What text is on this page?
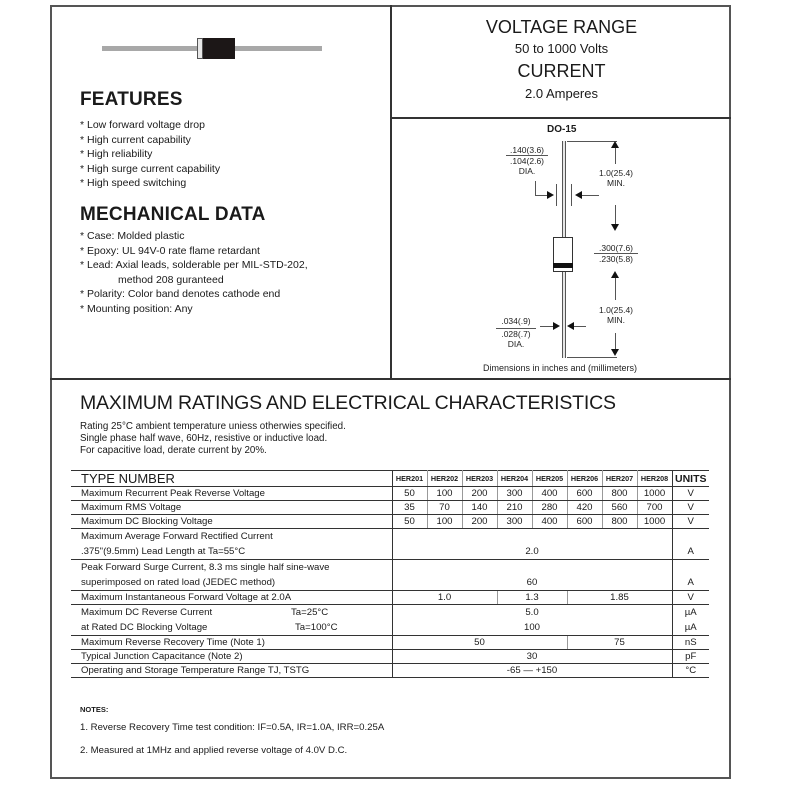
FEATURES
* Low forward voltage drop
* High current capability
* High reliability
* High surge current capability
* High speed switching
MECHANICAL DATA
* Case: Molded plastic
* Epoxy: UL 94V-0 rate flame retardant
* Lead: Axial leads, solderable per MIL-STD-202,
method 208 guranteed
* Polarity: Color band denotes cathode end
* Mounting position: Any
VOLTAGE RANGE
50 to 1000 Volts
CURRENT
2.0 Amperes
DO-15
.140(3.6)
.104(2.6)
DIA.	1.0(25.4)
MIN.
.300(7.6)
.230(5.8)
1.0(25.4)
MIN.
.034(.9)
.028(.7)
DIA.
Dimensions in inches and (millimeters)
MAXIMUM RATINGS AND ELECTRICAL CHARACTERISTICS
Rating 25°C ambient temperature uniess otherwies specified.
Single phase half wave, 60Hz, resistive or inductive load.
For capacitive load, derate current by 20%.
TYPE NUMBER	HER201	HER202	HER203	HER204	HER205	HER206	HER207	HER208	UNITS
Maximum Recurrent Peak Reverse Voltage	50	100	200	300	400	600	800	1000	V
Maximum RMS Voltage	35	70	140	210	280	420	560	700	V
Maximum DC Blocking Voltage	50	100	200	300	400	600	800	1000	V
Maximum Average Forward Rectified Current									
.375"(9.5mm) Lead Length at Ta=55°C	2.0								A
Peak Forward Surge Current, 8.3 ms single half sine-wave									
superimposed on rated load (JEDEC method)	60								A
Maximum Instantaneous Forward Voltage at 2.0A	1.0			1.3		1.85			V
Maximum DC Reverse Current Ta=25°C	5.0								µA
at Rated DC Blocking Voltage Ta=100°C	100								µA
Maximum Reverse Recovery Time (Note 1)	50					75			nS
Typical Junction Capacitance (Note 2)	30								pF
Operating and Storage Temperature Range TJ, TSTG	-65 — +150								°C
NOTES:
1. Reverse Recovery Time test condition: IF=0.5A, IR=1.0A, IRR=0.25A
2. Measured at 1MHz and applied reverse voltage of 4.0V D.C.
